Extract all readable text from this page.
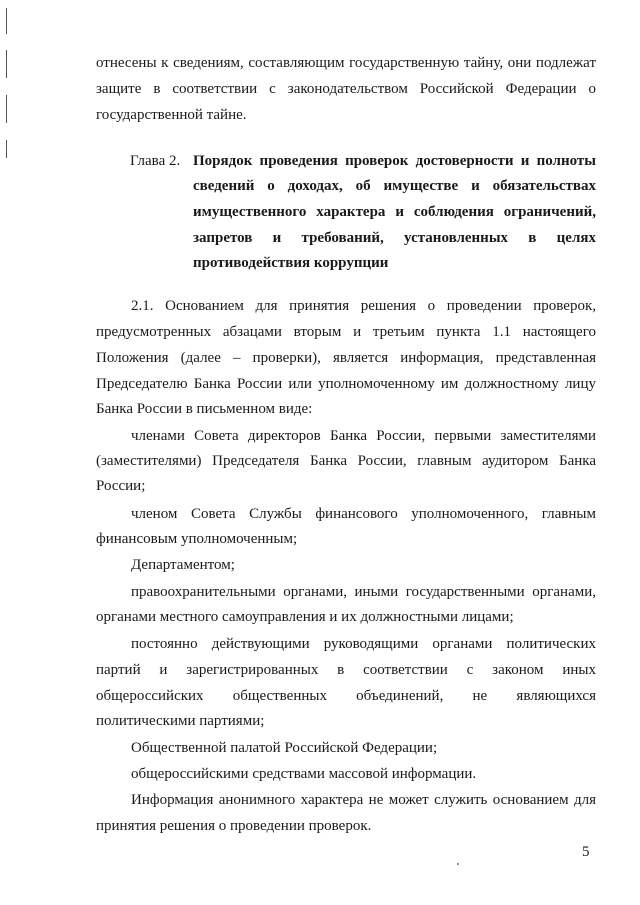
отнесены к сведениям, составляющим государственную тайну, они подлежат
защите в соответствии с законодательством Российской Федерации о
государственной тайне.
Глава 2. Порядок проведения проверок достоверности и полноты
сведений о доходах, об имуществе и обязательствах
имущественного характера и соблюдения ограничений,
запретов и требований, установленных в целях
противодействия коррупции
2.1. Основанием для принятия решения о проведении проверок,
предусмотренных абзацами вторым и третьим пункта 1.1 настоящего
Положения (далее – проверки), является информация, представленная
Председателю Банка России или уполномоченному им должностному лицу
Банка России в письменном виде:
членами Совета директоров Банка России, первыми заместителями
(заместителями) Председателя Банка России, главным аудитором Банка
России;
членом Совета Службы финансового уполномоченного, главным
финансовым уполномоченным;
Департаментом;
правоохранительными органами, иными государственными органами,
органами местного самоуправления и их должностными лицами;
постоянно действующими руководящими органами политических
партий и зарегистрированных в соответствии с законом иных
общероссийских общественных объединений, не являющихся
политическими партиями;
Общественной палатой Российской Федерации;
общероссийскими средствами массовой информации.
Информация анонимного характера не может служить основанием для
принятия решения о проведении проверок.
5
